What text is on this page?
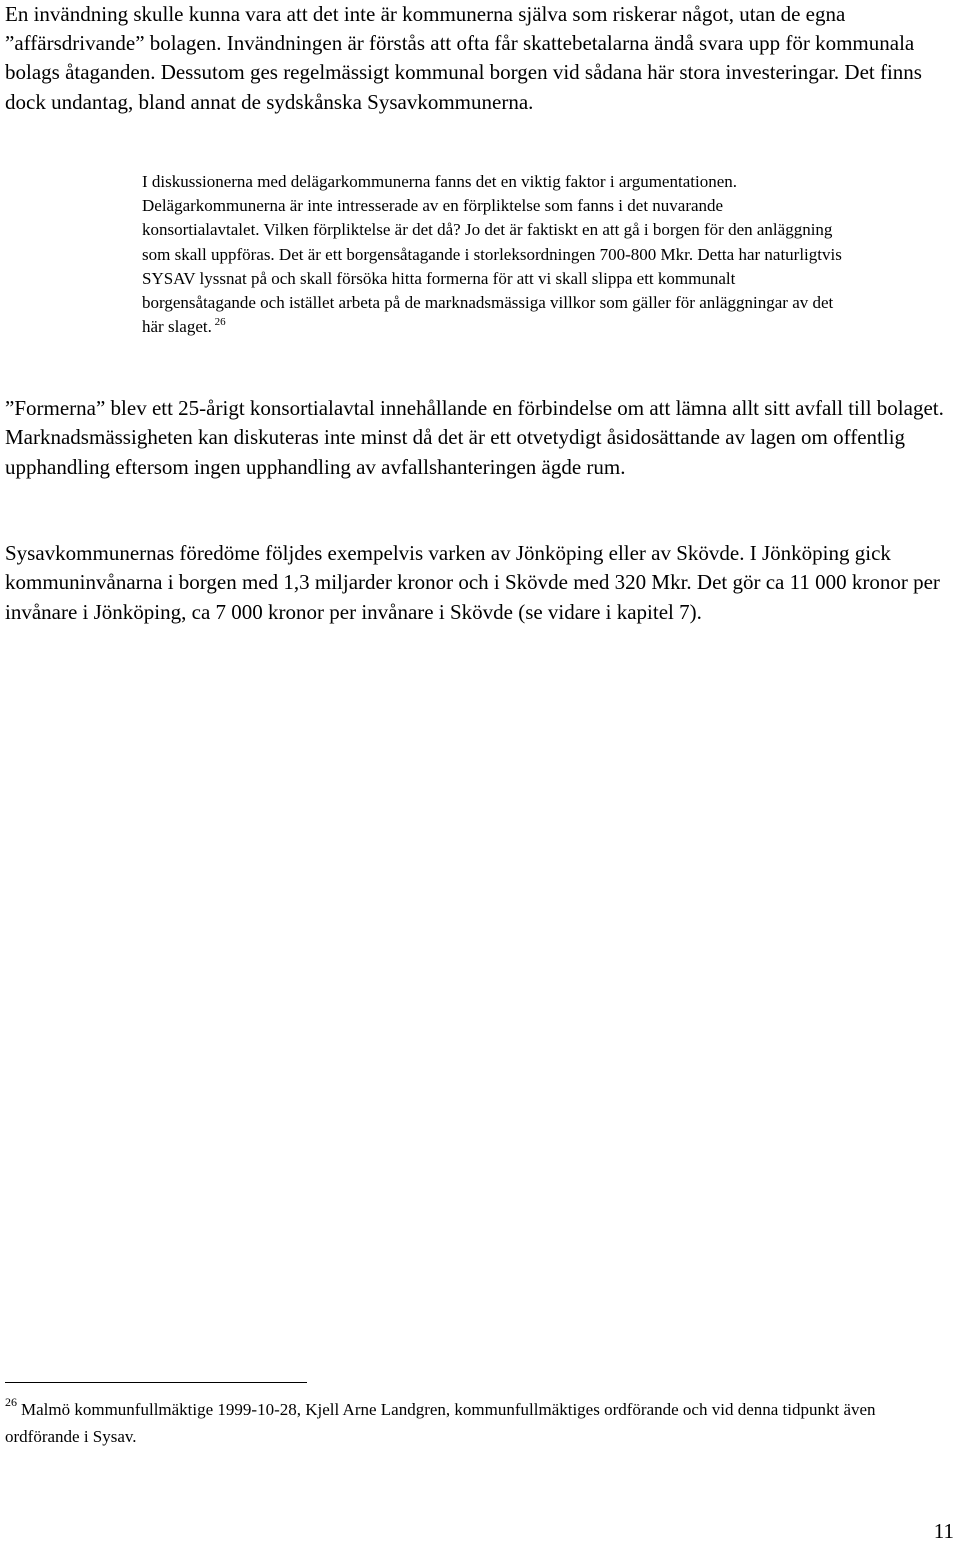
En invändning skulle kunna vara att det inte är kommunerna själva som riskerar något, utan de egna ”affärsdrivande” bolagen. Invändningen är förstås att ofta får skattebetalarna ändå svara upp för kommunala bolags åtaganden. Dessutom ges regelmässigt kommunal borgen vid sådana här stora investeringar. Det finns dock undantag, bland annat de sydskånska Sysavkommunerna.

I diskussionerna med delägarkommunerna fanns det en viktig faktor i argumentationen. Delägarkommunerna är inte intresserade av en förpliktelse som fanns i det nuvarande konsortialavtalet. Vilken förpliktelse är det då? Jo det är faktiskt en att gå i borgen för den anläggning som skall uppföras. Det är ett borgensåtagande i storleksordningen 700-800 Mkr. Detta har naturligtvis SYSAV lyssnat på och skall försöka hitta formerna för att vi skall slippa ett kommunalt borgensåtagande och istället arbeta på de marknadsmässiga villkor som gäller för anläggningar av det här slaget. $^{26}$

”Formerna” blev ett 25-årigt konsortialavtal innehållande en förbindelse om att lämna allt sitt avfall till bolaget. Marknadsmässigheten kan diskuteras inte minst då det är ett otvetydigt åsidosättande av lagen om offentlig upphandling eftersom ingen upphandling av avfallshanteringen ägde rum.

Sysavkommunernas föredöme följdes exempelvis varken av Jönköping eller av Skövde. I Jönköping gick kommuninvånarna i borgen med 1,3 miljarder kronor och i Skövde med 320 Mkr. Det gör ca 11 000 kronor per invånare i Jönköping, ca 7 000 kronor per invånare i Skövde (se vidare i kapitel 7).

$^{26}$ Malmö kommunfullmäktige 1999-10-28, Kjell Arne Landgren, kommunfullmäktiges ordförande och vid denna tidpunkt även ordförande i Sysav.

11
